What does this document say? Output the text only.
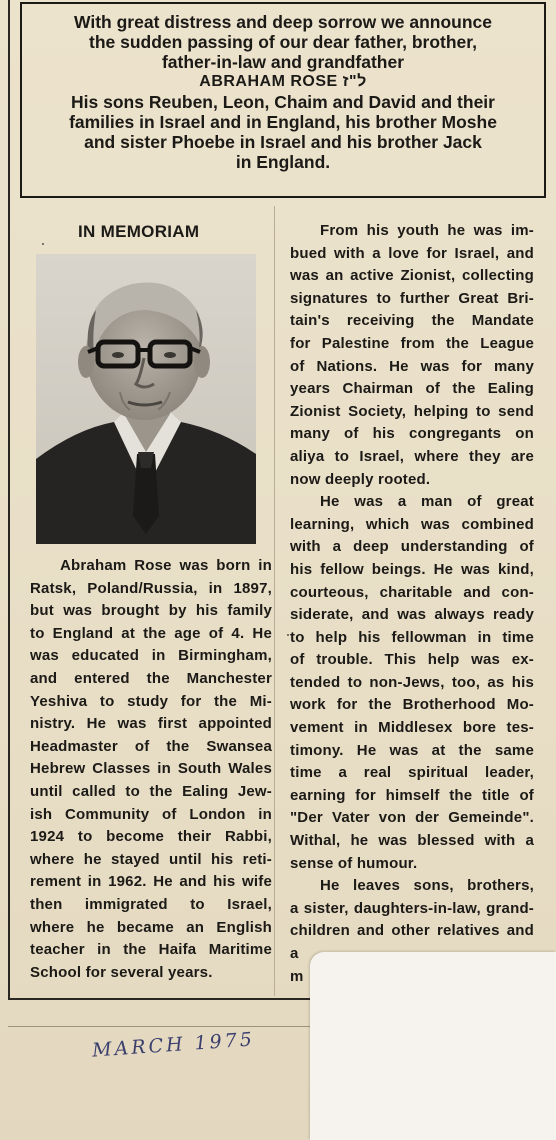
With great distress and deep sorrow we announce
the sudden passing of our dear father, brother,
father-in-law and grandfather
ABRAHAM ROSE ל"ז
His sons Reuben, Leon, Chaim and David and their
families in Israel and in England, his brother Moshe
and sister Phoebe in Israel and his brother Jack
in England.
IN MEMORIAM
Abraham Rose was born in
Ratsk, Poland/Russia, in 1897,
but was brought by his family
to England at the age of 4. He
was educated in Birmingham,
and entered the Manchester
Yeshiva to study for the Mi-
nistry. He was first appointed
Headmaster of the Swansea
Hebrew Classes in South Wales
until called to the Ealing Jew-
ish Community of London in
1924 to become their Rabbi,
where he stayed until his reti-
rement in 1962. He and his wife
then immigrated to Israel,
where he became an English
teacher in the Haifa Maritime
School for several years.
From his youth he was im-
bued with a love for Israel, and
was an active Zionist, collecting
signatures to further Great Bri-
tain's receiving the Mandate
for Palestine from the League
of Nations. He was for many
years Chairman of the Ealing
Zionist Society, helping to send
many of his congregants on
aliya to Israel, where they are
now deeply rooted.
He was a man of great
learning, which was combined
with a deep understanding of
his fellow beings. He was kind,
courteous, charitable and con-
siderate, and was always ready
to help his fellowman in time
of trouble. This help was ex-
tended to non-Jews, too, as his
work for the Brotherhood Mo-
vement in Middlesex bore tes-
timony. He was at the same
time a real spiritual leader,
earning for himself the title of
"Der Vater von der Gemeinde".
Withal, he was blessed with a
sense of humour.
He leaves sons, brothers,
a sister, daughters-in-law, grand-
children and other relatives and
a
m
MARCH 1975
